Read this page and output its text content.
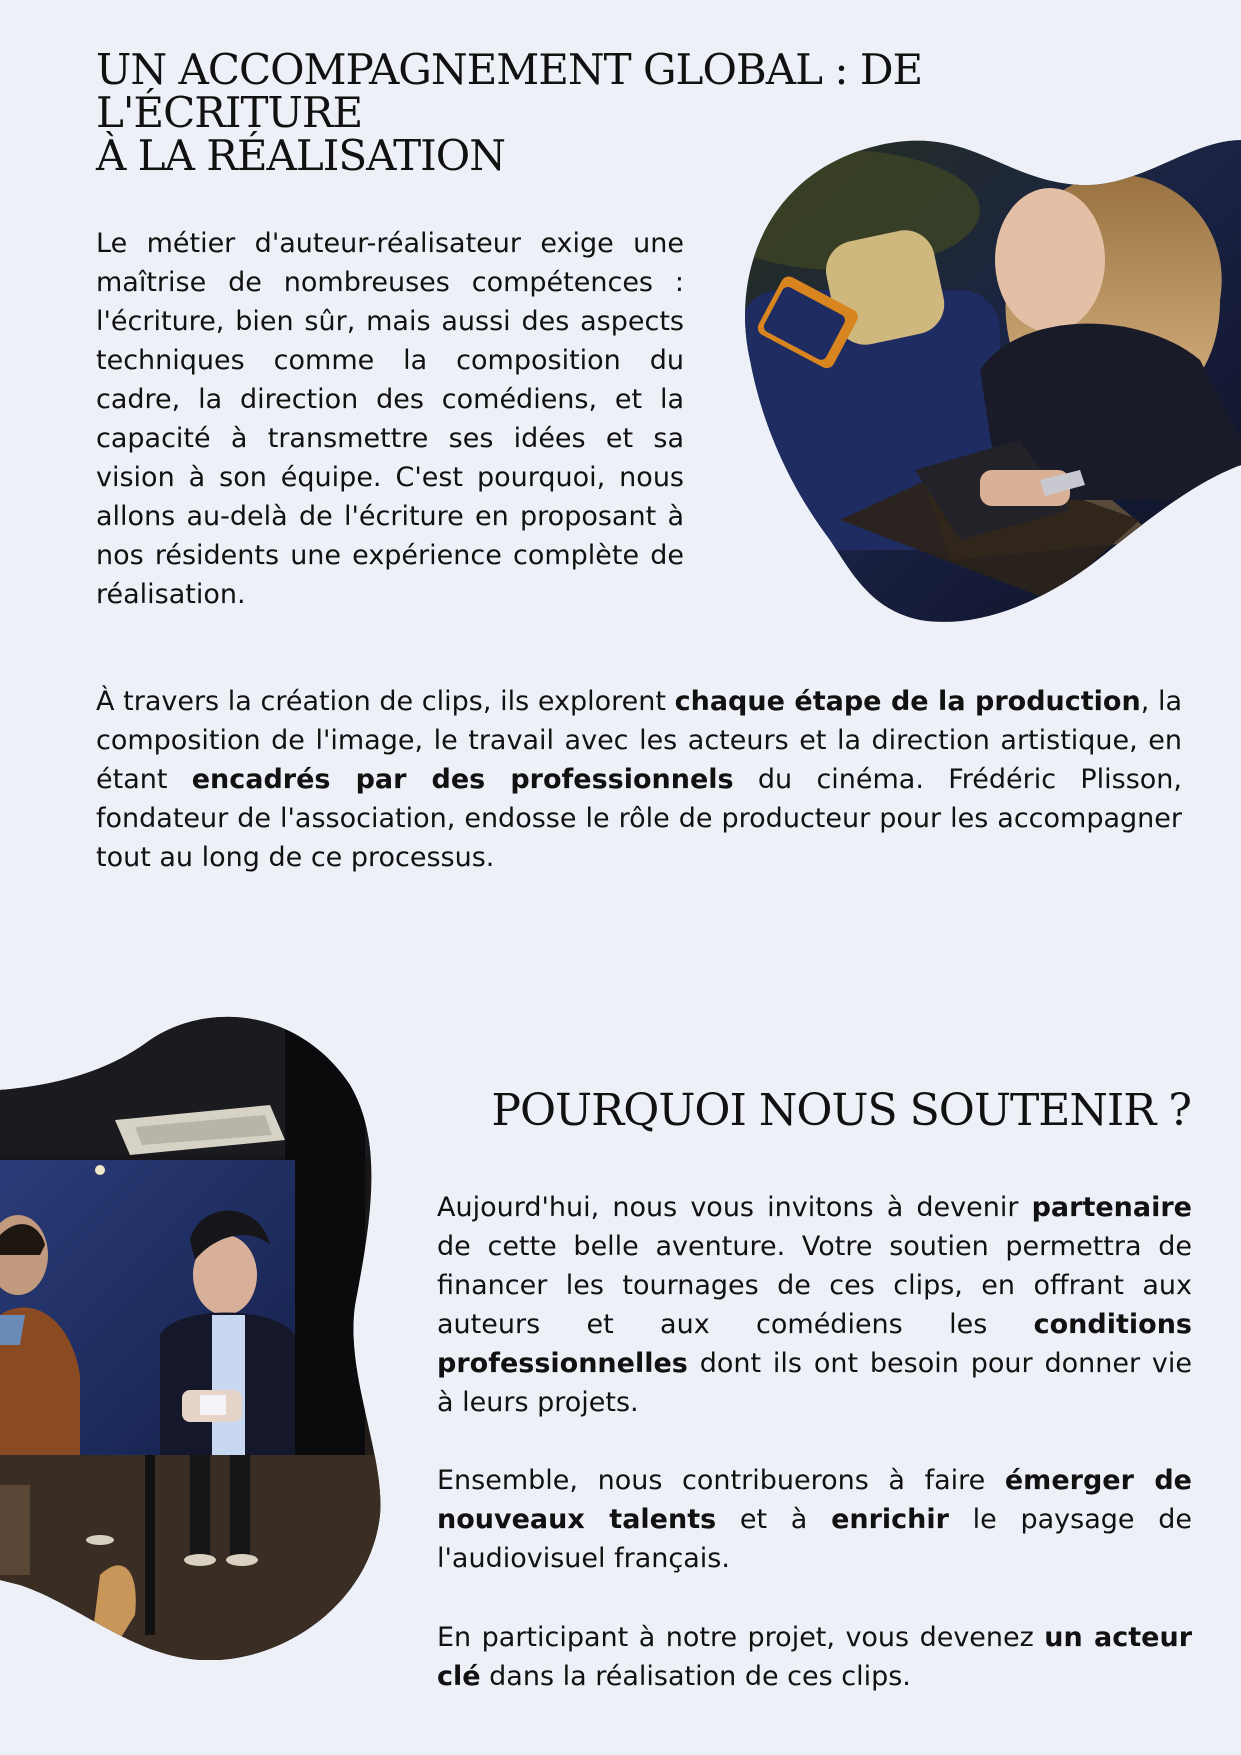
UN ACCOMPAGNEMENT GLOBAL : DE
L'ÉCRITURE
À LA RÉALISATION

Le métier d'auteur-réalisateur exige une maîtrise de nombreuses compétences : l'écriture, bien sûr, mais aussi des aspects techniques comme la composition du cadre, la direction des comédiens, et la capacité à transmettre ses idées et sa vision à son équipe. C'est pourquoi, nous allons au-delà de l'écriture en proposant à nos résidents une expérience complète de réalisation.

À travers la création de clips, ils explorent chaque étape de la production, la composition de l'image, le travail avec les acteurs et la direction artistique, en étant encadrés par des professionnels du cinéma. Frédéric Plisson, fondateur de l'association, endosse le rôle de producteur pour les accompagner tout au long de ce processus.

POURQUOI NOUS SOUTENIR ?

Aujourd'hui, nous vous invitons à devenir partenaire de cette belle aventure. Votre soutien permettra de financer les tournages de ces clips, en offrant aux auteurs et aux comédiens les conditions professionnelles dont ils ont besoin pour donner vie à leurs projets.

Ensemble, nous contribuerons à faire émerger de nouveaux talents et à enrichir le paysage de l'audiovisuel français.

En participant à notre projet, vous devenez un acteur clé dans la réalisation de ces clips.
